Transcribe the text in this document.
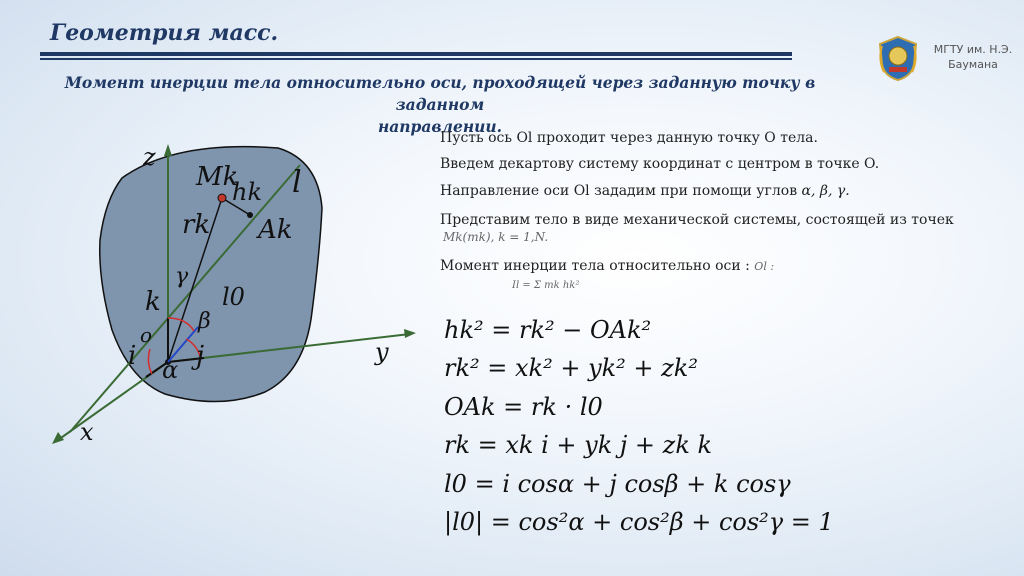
Геометрия масс.
Момент инерции тела относительно оси, проходящей через заданную точку в заданном
направлении.
МГТУ им. Н.Э.
Баумана
z
y
x
l
Mk
hk
rk Ak
γ
k	l0
β
o
i j
α
Пусть ось Ol проходит через данную точку O тела.
Введем декартову систему координат с центром в точке O.
Направление оси Ol зададим при помощи углов α, β, γ.
Представим тело в виде механической системы, состоящей из точек
Mk(mk), k = 1,N.
Момент инерции тела относительно оси : Ol :
Il = Σ mk hk²
hk² = rk² − OAk²
rk² = xk² + yk² + zk²
OAk = rk · l0
rk = xk i + yk j + zk k
l0 = i cosα + j cosβ + k cosγ
|l0| = cos²α + cos²β + cos²γ = 1
